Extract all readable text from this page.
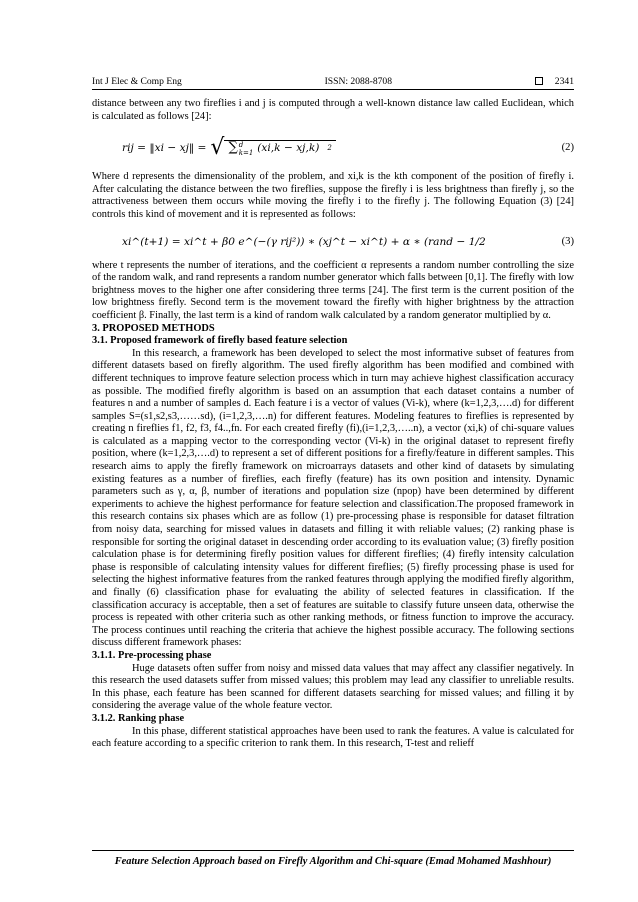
Int J Elec & Comp Eng	ISSN: 2088-8708	2341

distance between any two fireflies i and j is computed through a well-known distance law called Euclidean, which is calculated as follows [24]:

rij = ‖xi − xj‖ = √ ∑ d
k=1 (xi,k − xj,k) 2	(2)

Where d represents the dimensionality of the problem, and xi,k is the kth component of the position of firefly i. After calculating the distance between the two fireflies, suppose the firefly i is less brightness than firefly j, so the attractiveness between them occurs while moving the firefly i to the firefly j. The following Equation (3) [24] controls this kind of movement and it is represented as follows:

xi^(t+1) = xi^t + β0 e^(−(γ rij²)) ∗ (xj^t − xi^t) + α ∗ (rand − 1/2	(3)

where t represents the number of iterations, and the coefficient α represents a random number controlling the size of the random walk, and rand represents a random number generator which falls between [0,1]. The firefly with low brightness moves to the higher one after considering three terms [24]. The first term is the current position of the low brightness firefly. Second term is the movement toward the firefly with higher brightness by the attraction coefficient β. Finally, the last term is a kind of random walk calculated by a random generator multiplied by α.

3. PROPOSED METHODS

3.1. Proposed framework of firefly based feature selection

In this research, a framework has been developed to select the most informative subset of features from different datasets based on firefly algorithm. The used firefly algorithm has been modified and combined with different techniques to improve feature selection process which in turn may achieve highest classification accuracy as possible. The modified firefly algorithm is based on an assumption that each dataset contains a number of features n and a number of samples d. Each feature i is a vector of values (Vi-k), where (k=1,2,3,….d) for different samples S=(s1,s2,s3,……sd), (i=1,2,3,….n) for different features. Modeling features to fireflies is represented by creating n fireflies f1, f2, f3, f4..,fn. For each created firefly (fi),(i=1,2,3,…..n), a vector (xi,k) of chi-square values is calculated as a mapping vector to the corresponding vector (Vi-k) in the original dataset to represent firefly position, where (k=1,2,3,….d) to represent a set of different positions for a firefly/feature in different samples. This research aims to apply the firefly framework on microarrays datasets and other kind of datasets by simulating existing features as a number of fireflies, each firefly (feature) has its own position and intensity. Dynamic parameters such as γ, α, β, number of iterations and population size (npop) have been determined by different experiments to achieve the highest performance for feature selection and classification.The proposed framework in this research contains six phases which are as follow (1) pre-processing phase is responsible for dataset filtration from noisy data, searching for missed values in datasets and filling it with reliable values; (2) ranking phase is responsible for sorting the original dataset in descending order according to its evaluation value; (3) firefly position calculation phase is for determining firefly position values for different fireflies; (4) firefly intensity calculation phase is responsible of calculating intensity values for different fireflies; (5) firefly processing phase is used for selecting the highest informative features from the ranked features through applying the modified firefly algorithm, and finally (6) classification phase for evaluating the ability of selected features in classification. If the classification accuracy is acceptable, then a set of features are suitable to classify future unseen data, otherwise the process is repeated with other criteria such as other ranking methods, or fitness function to improve the accuracy. The process continues until reaching the criteria that achieve the highest possible accuracy. The following sections discuss different framework phases:

3.1.1. Pre-processing phase

Huge datasets often suffer from noisy and missed data values that may affect any classifier negatively. In this research the used datasets suffer from missed values; this problem may lead any classifier to unreliable results. In this phase, each feature has been scanned for different datasets searching for missed values; and filling it by considering the average value of the whole feature vector.

3.1.2. Ranking phase

In this phase, different statistical approaches have been used to rank the features. A value is calculated for each feature according to a specific criterion to rank them. In this research, T-test and relieff

Feature Selection Approach based on Firefly Algorithm and Chi-square (Emad Mohamed Mashhour)
